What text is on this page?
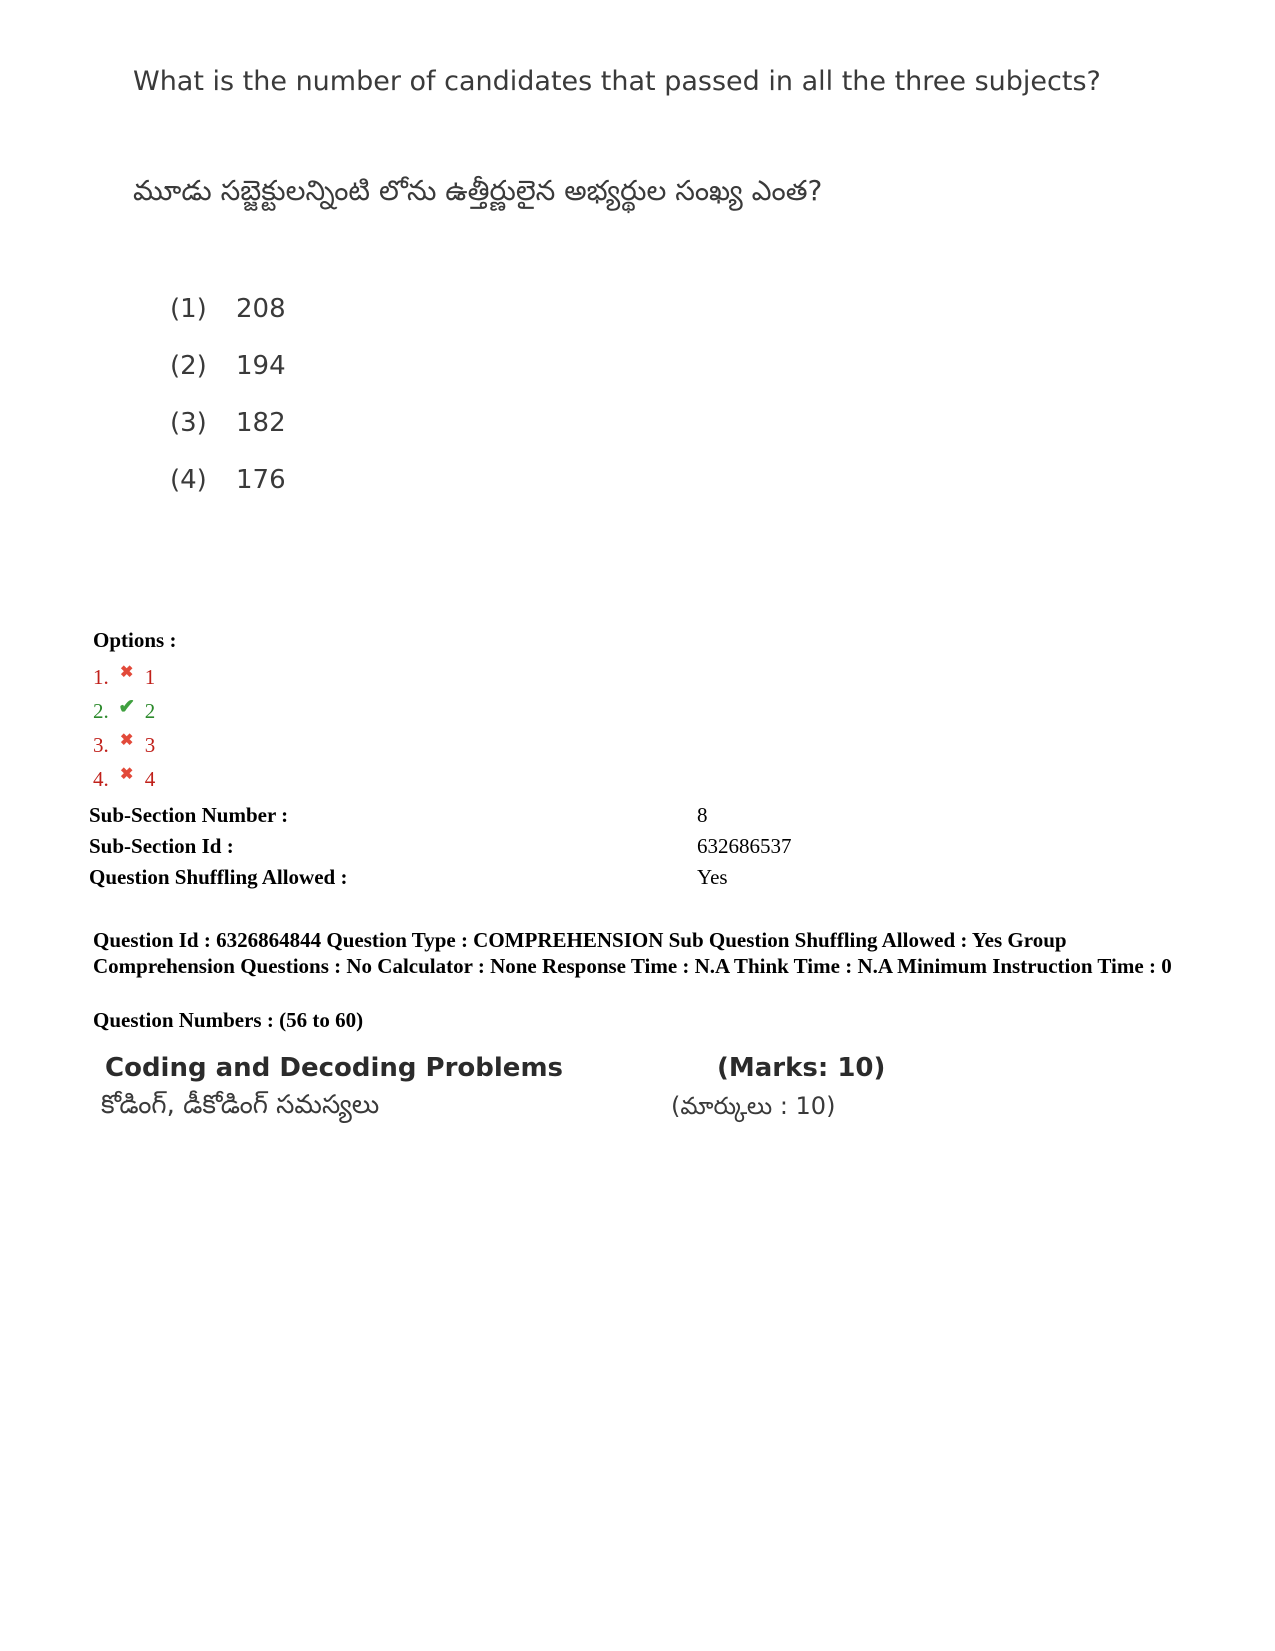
What is the number of candidates that passed in all the three subjects?
మూడు సబ్జెక్టులన్నింటి లోను ఉత్తీర్ణులైన అభ్యర్థుల సంఖ్య ఎంత?
(1)	208
(2)	194
(3)	182
(4)	176
Options :
1. ✖ 1
2. ✔ 2
3. ✖ 3
4. ✖ 4
Sub-Section Number :	8
Sub-Section Id :	632686537
Question Shuffling Allowed :	Yes

Question Id : 6326864844 Question Type : COMPREHENSION Sub Question Shuffling Allowed : Yes Group Comprehension Questions : No Calculator : None Response Time : N.A Think Time : N.A Minimum Instruction Time : 0

Question Numbers : (56 to 60)
Coding and Decoding Problems	(Marks: 10)
కోడింగ్, డీకోడింగ్ సమస్యలు	(మార్కులు : 10)
